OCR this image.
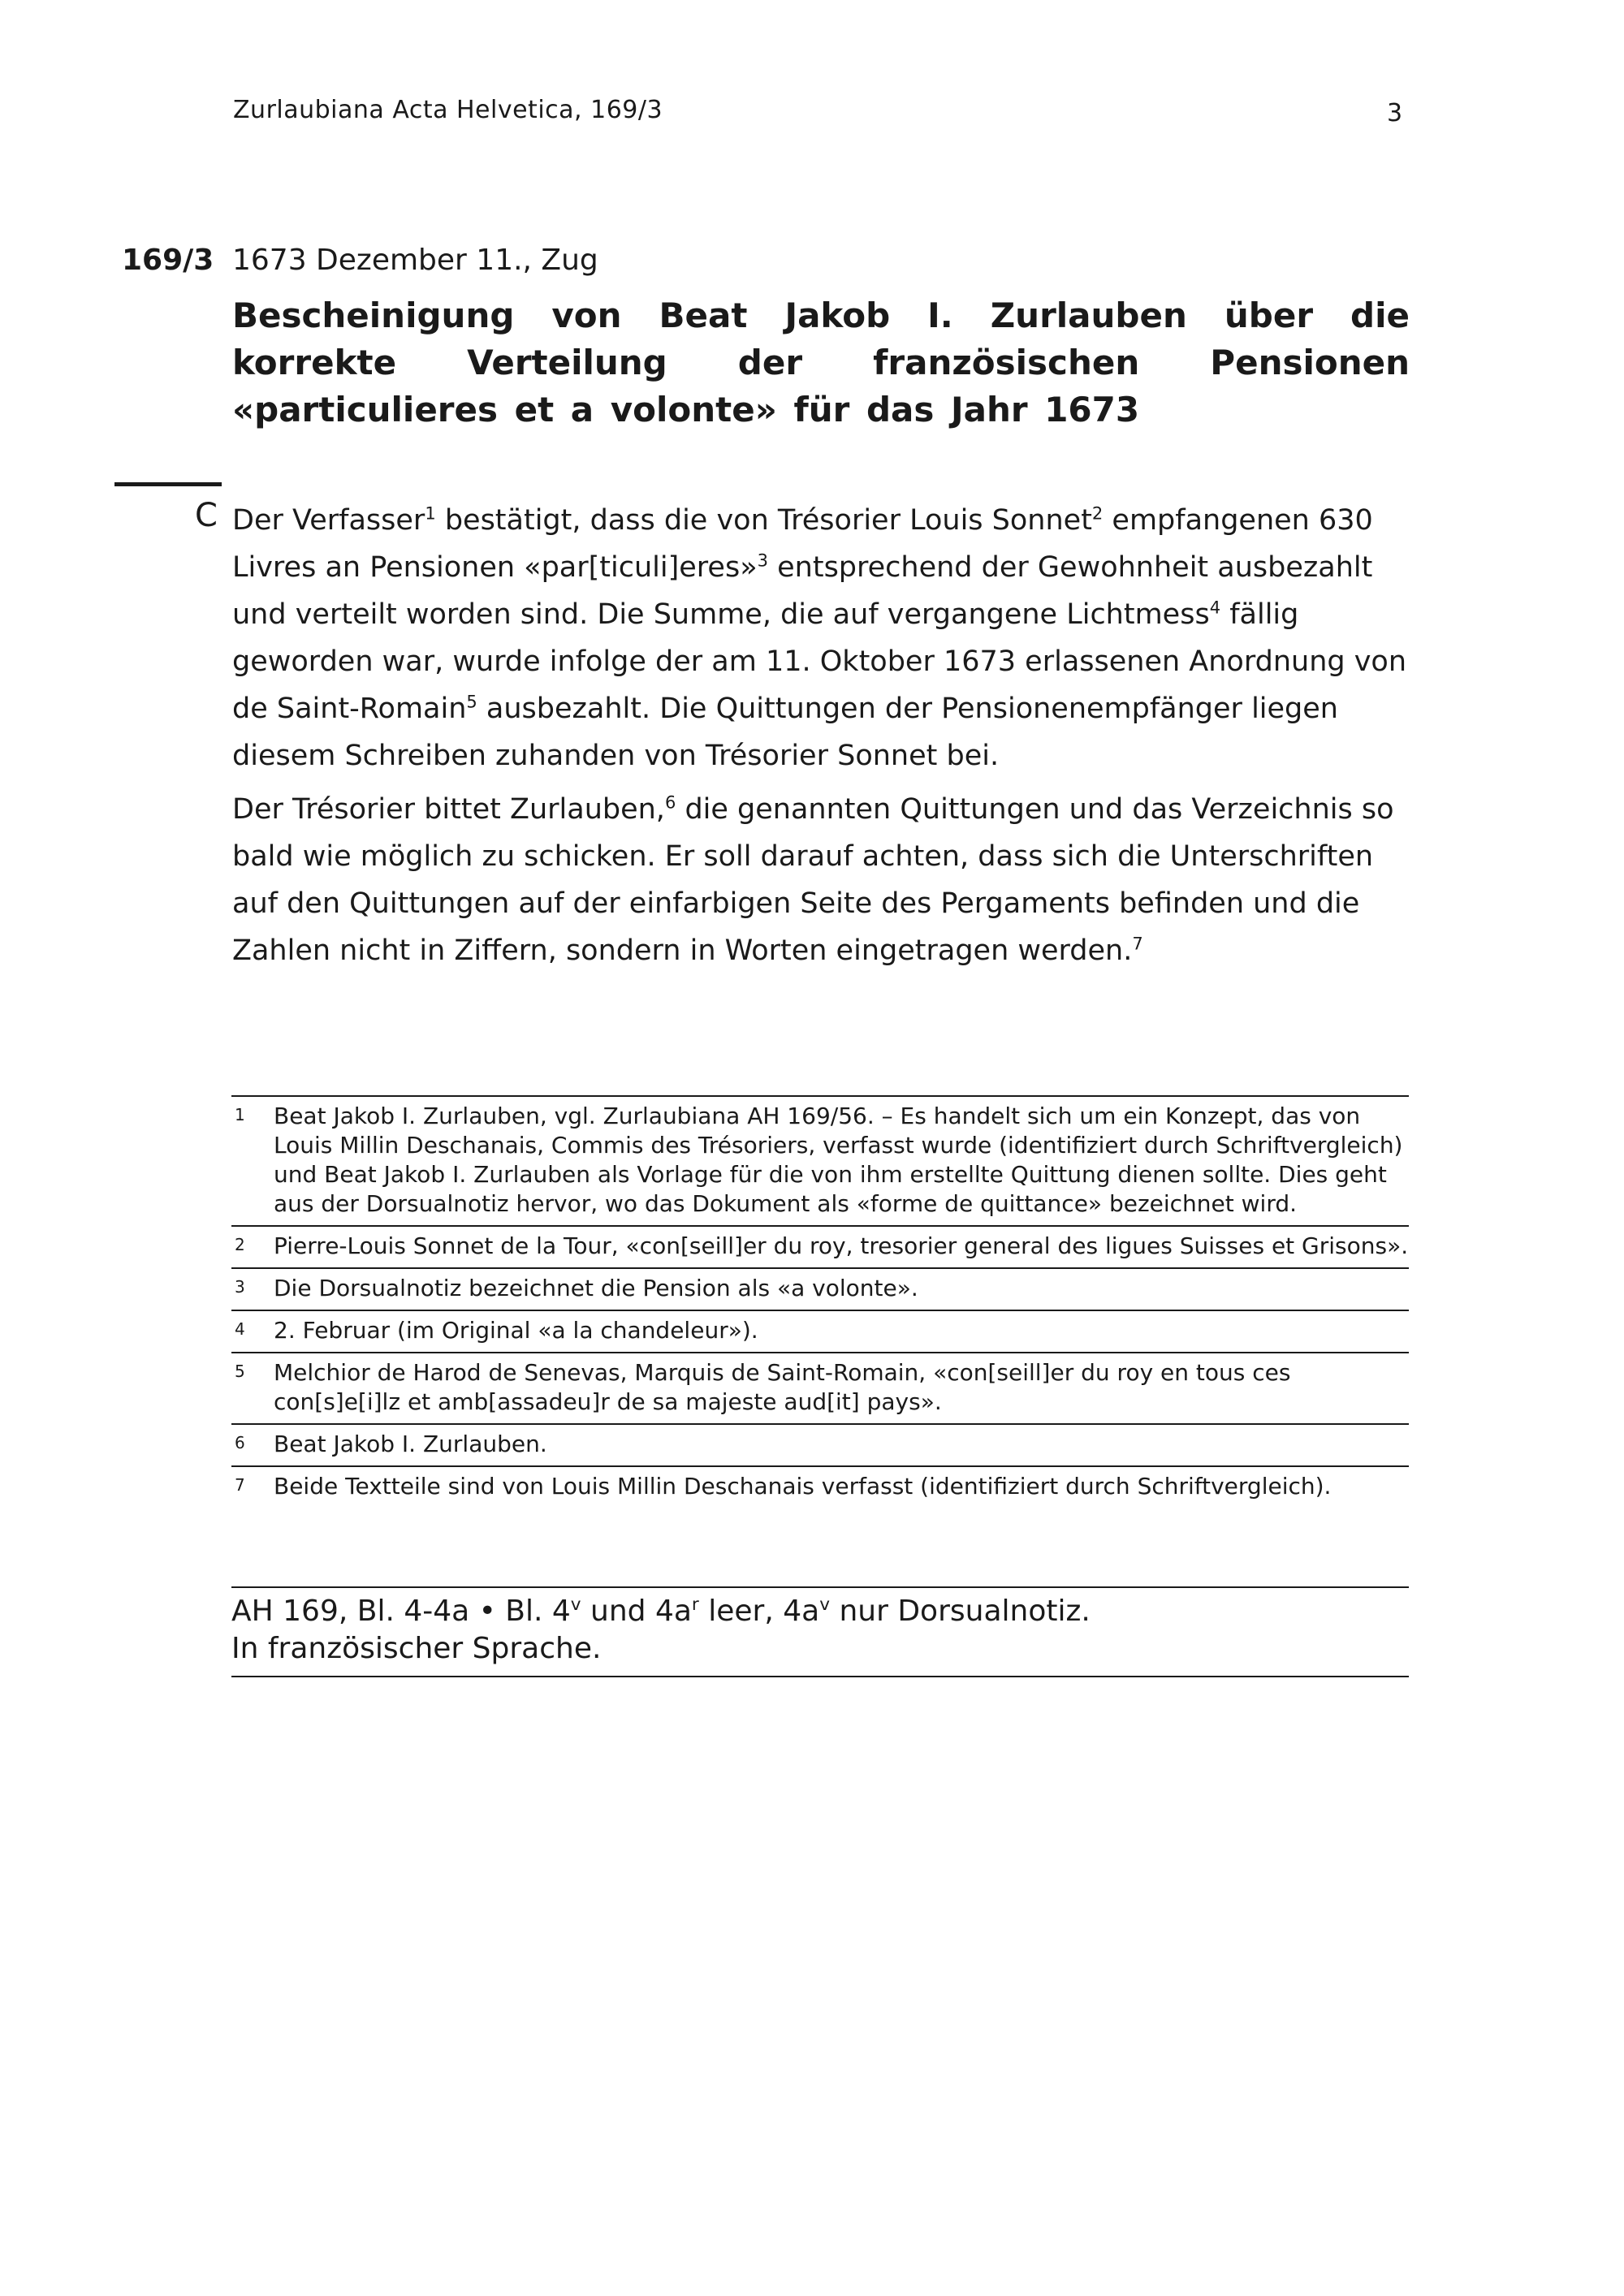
Zurlaubiana Acta Helvetica, 169/3	3
169/3 1673 Dezember 11., Zug
Bescheinigung von Beat Jakob I. Zurlauben über die korrekte Verteilung der französischen Pensionen «particulieres et a volonte» für das Jahr 1673
C Der Verfasser$^1$ bestätigt, dass die von Trésorier Louis Sonnet$^2$ empfangenen 630 Livres an Pensionen «par[ticuli]eres»$^3$ entsprechend der Gewohnheit ausbezahlt und verteilt worden sind. Die Summe, die auf vergangene Lichtmess$^4$ fällig geworden war, wurde infolge der am 11. Oktober 1673 erlassenen Anordnung von de Saint-Romain$^5$ ausbezahlt. Die Quittungen der Pensionenempfänger liegen diesem Schreiben zuhanden von Trésorier Sonnet bei.
Der Trésorier bittet Zurlauben,$^6$ die genannten Quittungen und das Verzeichnis so bald wie möglich zu schicken. Er soll darauf achten, dass sich die Unterschriften auf den Quittungen auf der einfarbigen Seite des Pergaments befinden und die Zahlen nicht in Ziffern, sondern in Worten eingetragen werden.$^7$
1 Beat Jakob I. Zurlauben, vgl. Zurlaubiana AH 169/56. – Es handelt sich um ein Konzept, das von Louis Millin Deschanais, Commis des Trésoriers, verfasst wurde (identifiziert durch Schriftvergleich) und Beat Jakob I. Zurlauben als Vorlage für die von ihm erstellte Quittung dienen sollte. Dies geht aus der Dorsualnotiz hervor, wo das Dokument als «forme de quittance» bezeichnet wird.
2 Pierre-Louis Sonnet de la Tour, «con[seill]er du roy, tresorier general des ligues Suisses et Grisons».
3 Die Dorsualnotiz bezeichnet die Pension als «a volonte».
4 2. Februar (im Original «a la chandeleur»).
5 Melchior de Harod de Senevas, Marquis de Saint-Romain, «con[seill]er du roy en tous ces con[s]e[i]lz et amb[assadeu]r de sa majeste aud[it] pays».
6 Beat Jakob I. Zurlauben.
7 Beide Textteile sind von Louis Millin Deschanais verfasst (identifiziert durch Schriftvergleich).
AH 169, Bl. 4-4a • Bl. 4$^v$ und $4a^r$ leer, $4a^v$ nur Dorsualnotiz.
In französischer Sprache.
